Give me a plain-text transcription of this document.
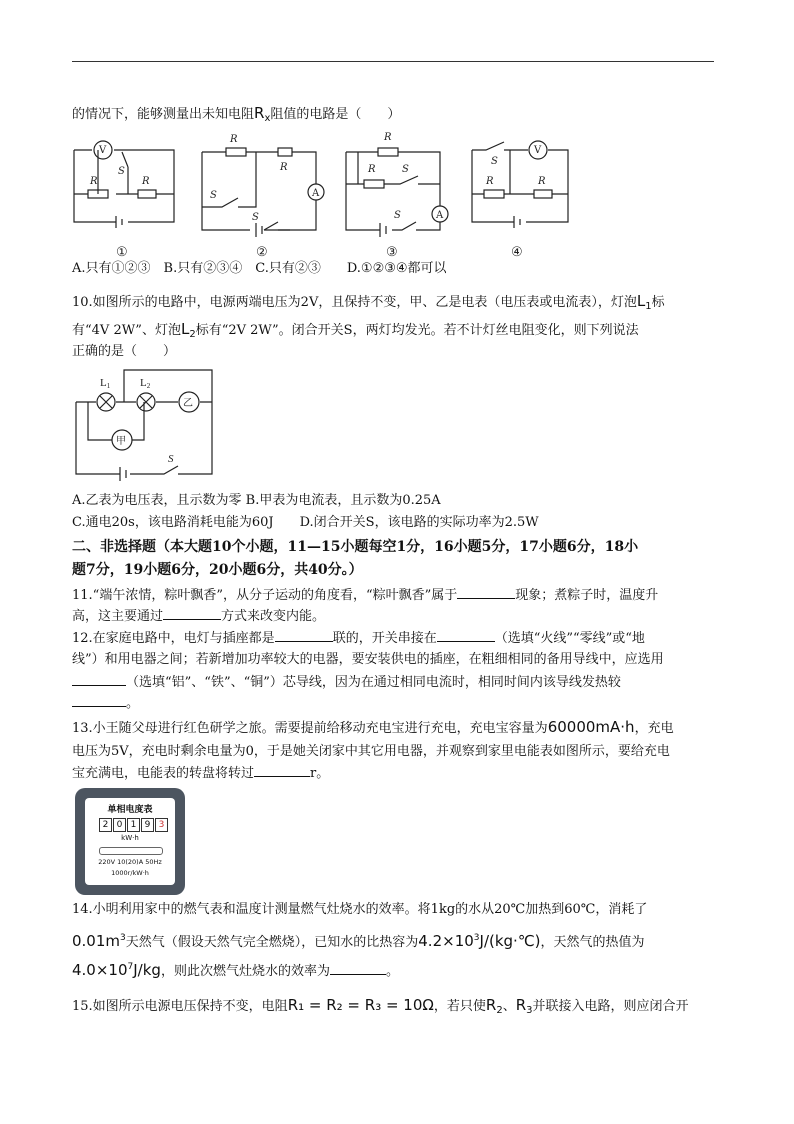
的情况下，能够测量出未知电阻$R_x$阻值的电路是（　　）
V
S
R	R
R
R
A
S
S
R
R	S
S	A
S
V
R	R
①	②	③	④
A.只有①②③　B.只有②③④　C.只有②③　　D.①②③④都可以
10.如图所示的电路中，电源两端电压为2V，且保持不变，甲、乙是电表（电压表或电流表），灯泡$L_1$标
有“4V 2W”、灯泡$L_2$标有“2V 2W”。闭合开关S，两灯均发光。若不计灯丝电阻变化，则下列说法
正确的是（　　）
L1	L2
乙
甲
S
A.乙表为电压表，且示数为零 B.甲表为电流表，且示数为0.25A
C.通电20s，该电路消耗电能为60J　　D.闭合开关S，该电路的实际功率为2.5W
二、非选择题（本大题10个小题，11—15小题每空1分，16小题5分，17小题6分，18小
题7分，19小题6分，20小题6分，共40分。）
11.“端午浓情，粽叶飘香”，从分子运动的角度看，“粽叶飘香”属于	现象；煮粽子时，温度升
高，这主要通过	方式来改变内能。
12.在家庭电路中，电灯与插座都是	联的，开关串接在	（选填“火线”“零线”或“地
线”）和用电器之间；若新增加功率较大的电器，要安装供电的插座，在粗细相同的备用导线中，应选用
（选填“铝”、“铁”、“铜”）芯导线，因为在通过相同电流时，相同时间内该导线发热较
。
13.小王随父母进行红色研学之旅。需要提前给移动充电宝进行充电，充电宝容量为60000mA·h，充电
电压为5V，充电时剩余电量为0，于是她关闭家中其它用电器，并观察到家里电能表如图所示，要给充电
宝充满电，电能表的转盘将转过	r。
单相电度表
2 0 1 9 3
kW·h
220V 10(20)A 50Hz
1000r/kW·h
14.小明利用家中的燃气表和温度计测量燃气灶烧水的效率。将1kg的水从20℃加热到60℃，消耗了
$0.01m^3$天然气（假设天然气完全燃烧），已知水的比热容为$4.2\times 10^3J/(kg\cdot℃)$，天然气的热值为
$4.0\times 10^7J/kg$，则此次燃气灶烧水的效率为	。
15.如图所示电源电压保持不变，电阻R₁ = R₂ = R₃ = 10Ω，若只使$R_2$、$R_3$并联接入电路，则应闭合开
